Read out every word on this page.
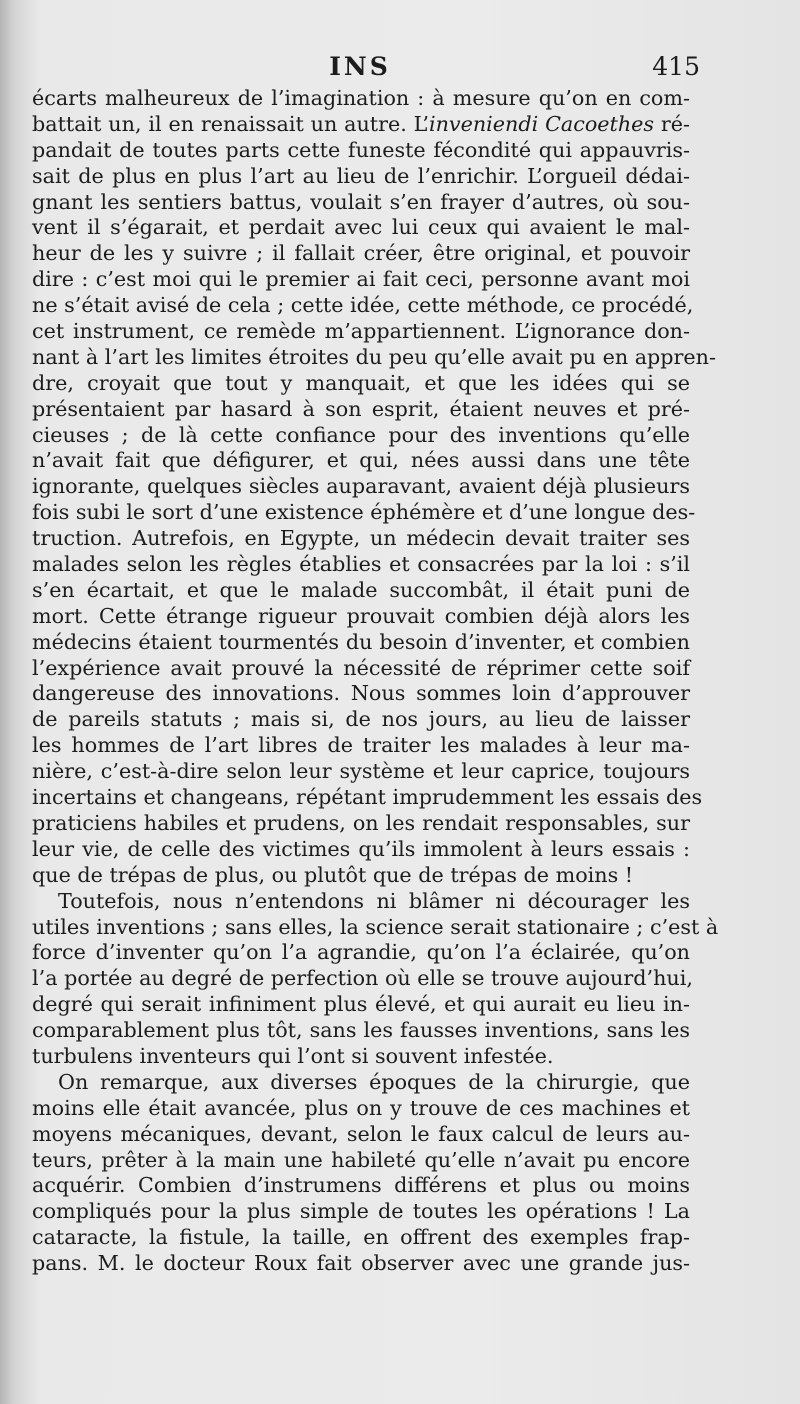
INS	415
écarts malheureux de l’imagination : à mesure qu’on en com-
battait un, il en renaissait un autre. L’inveniendi Cacoethes ré-
pandait de toutes parts cette funeste fécondité qui appauvris-
sait de plus en plus l’art au lieu de l’enrichir. L’orgueil dédai-
gnant les sentiers battus, voulait s’en frayer d’autres, où sou-
vent il s’égarait, et perdait avec lui ceux qui avaient le mal-
heur de les y suivre ; il fallait créer, être original, et pouvoir
dire : c’est moi qui le premier ai fait ceci, personne avant moi
ne s’était avisé de cela ; cette idée, cette méthode, ce procédé,
cet instrument, ce remède m’appartiennent. L’ignorance don-
nant à l’art les limites étroites du peu qu’elle avait pu en appren-
dre, croyait que tout y manquait, et que les idées qui se
présentaient par hasard à son esprit, étaient neuves et pré-
cieuses ; de là cette confiance pour des inventions qu’elle
n’avait fait que défigurer, et qui, nées aussi dans une tête
ignorante, quelques siècles auparavant, avaient déjà plusieurs
fois subi le sort d’une existence éphémère et d’une longue des-
truction. Autrefois, en Egypte, un médecin devait traiter ses
malades selon les règles établies et consacrées par la loi : s’il
s’en écartait, et que le malade succombât, il était puni de
mort. Cette étrange rigueur prouvait combien déjà alors les
médecins étaient tourmentés du besoin d’inventer, et combien
l’expérience avait prouvé la nécessité de réprimer cette soif
dangereuse des innovations. Nous sommes loin d’approuver
de pareils statuts ; mais si, de nos jours, au lieu de laisser
les hommes de l’art libres de traiter les malades à leur ma-
nière, c’est-à-dire selon leur système et leur caprice, toujours
incertains et changeans, répétant imprudemment les essais des
praticiens habiles et prudens, on les rendait responsables, sur
leur vie, de celle des victimes qu’ils immolent à leurs essais :
que de trépas de plus, ou plutôt que de trépas de moins !
Toutefois, nous n’entendons ni blâmer ni décourager les
utiles inventions ; sans elles, la science serait stationaire ; c’est à
force d’inventer qu’on l’a agrandie, qu’on l’a éclairée, qu’on
l’a portée au degré de perfection où elle se trouve aujourd’hui,
degré qui serait infiniment plus élevé, et qui aurait eu lieu in-
comparablement plus tôt, sans les fausses inventions, sans les
turbulens inventeurs qui l’ont si souvent infestée.
On remarque, aux diverses époques de la chirurgie, que
moins elle était avancée, plus on y trouve de ces machines et
moyens mécaniques, devant, selon le faux calcul de leurs au-
teurs, prêter à la main une habileté qu’elle n’avait pu encore
acquérir. Combien d’instrumens différens et plus ou moins
compliqués pour la plus simple de toutes les opérations ! La
cataracte, la fistule, la taille, en offrent des exemples frap-
pans. M. le docteur Roux fait observer avec une grande jus-
